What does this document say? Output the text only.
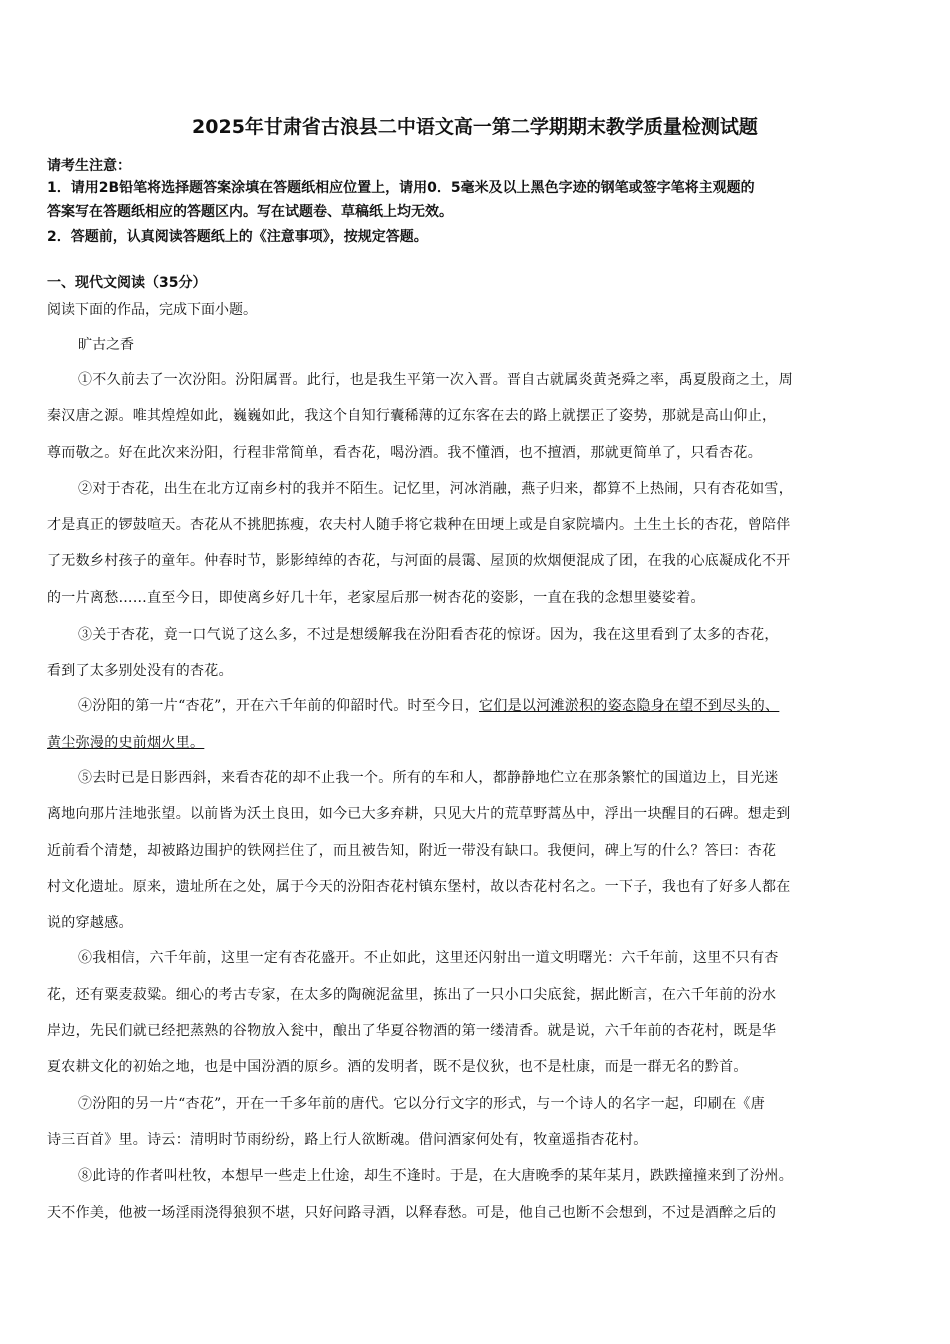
2025年甘肃省古浪县二中语文高一第二学期期末教学质量检测试题
请考生注意：
1．请用2B铅笔将选择题答案涂填在答题纸相应位置上，请用0．5毫米及以上黑色字迹的钢笔或签字笔将主观题的
答案写在答题纸相应的答题区内。写在试题卷、草稿纸上均无效。
2．答题前，认真阅读答题纸上的《注意事项》，按规定答题。
一、现代文阅读（35分）
阅读下面的作品，完成下面小题。
旷古之香
①不久前去了一次汾阳。汾阳属晋。此行，也是我生平第一次入晋。晋自古就属炎黄尧舜之率，禹夏殷商之土，周
秦汉唐之源。唯其煌煌如此，巍巍如此，我这个自知行囊稀薄的辽东客在去的路上就摆正了姿势，那就是高山仰止，
尊而敬之。好在此次来汾阳，行程非常简单，看杏花，喝汾酒。我不懂酒，也不擅酒，那就更简单了，只看杏花。
②对于杏花，出生在北方辽南乡村的我并不陌生。记忆里，河冰消融，燕子归来，都算不上热闹，只有杏花如雪，
才是真正的锣鼓喧天。杏花从不挑肥拣瘦，农夫村人随手将它栽种在田埂上或是自家院墙内。土生土长的杏花，曾陪伴
了无数乡村孩子的童年。仲春时节，影影绰绰的杏花，与河面的晨霭、屋顶的炊烟便混成了团，在我的心底凝成化不开
的一片离愁……直至今日，即使离乡好几十年，老家屋后那一树杏花的姿影，一直在我的念想里婆娑着。
③关于杏花，竟一口气说了这么多，不过是想缓解我在汾阳看杏花的惊讶。因为，我在这里看到了太多的杏花，
看到了太多别处没有的杏花。
④汾阳的第一片“杏花”，开在六千年前的仰韶时代。时至今日，它们是以河滩淤积的姿态隐身在望不到尽头的、
黄尘弥漫的史前烟火里。
⑤去时已是日影西斜，来看杏花的却不止我一个。所有的车和人，都静静地伫立在那条繁忙的国道边上，目光迷
离地向那片洼地张望。以前皆为沃土良田，如今已大多弃耕，只见大片的荒草野蒿丛中，浮出一块醒目的石碑。想走到
近前看个清楚，却被路边围护的铁网拦住了，而且被告知，附近一带没有缺口。我便问，碑上写的什么？答曰：杏花
村文化遗址。原来，遗址所在之处，属于今天的汾阳杏花村镇东堡村，故以杏花村名之。一下子，我也有了好多人都在
说的穿越感。
⑥我相信，六千年前，这里一定有杏花盛开。不止如此，这里还闪射出一道文明曙光：六千年前，这里不只有杏
花，还有粟麦菽粱。细心的考古专家，在太多的陶碗泥盆里，拣出了一只小口尖底瓮，据此断言，在六千年前的汾水
岸边，先民们就已经把蒸熟的谷物放入瓮中，酿出了华夏谷物酒的第一缕清香。就是说，六千年前的杏花村，既是华
夏农耕文化的初始之地，也是中国汾酒的原乡。酒的发明者，既不是仪狄，也不是杜康，而是一群无名的黔首。
⑦汾阳的另一片“杏花”，开在一千多年前的唐代。它以分行文字的形式，与一个诗人的名字一起，印刷在《唐
诗三百首》里。诗云：清明时节雨纷纷，路上行人欲断魂。借问酒家何处有，牧童遥指杏花村。
⑧此诗的作者叫杜牧，本想早一些走上仕途，却生不逢时。于是，在大唐晚季的某年某月，跌跌撞撞来到了汾州。
天不作美，他被一场淫雨浇得狼狈不堪，只好问路寻酒，以释春愁。可是，他自己也断不会想到，不过是酒醉之后的
